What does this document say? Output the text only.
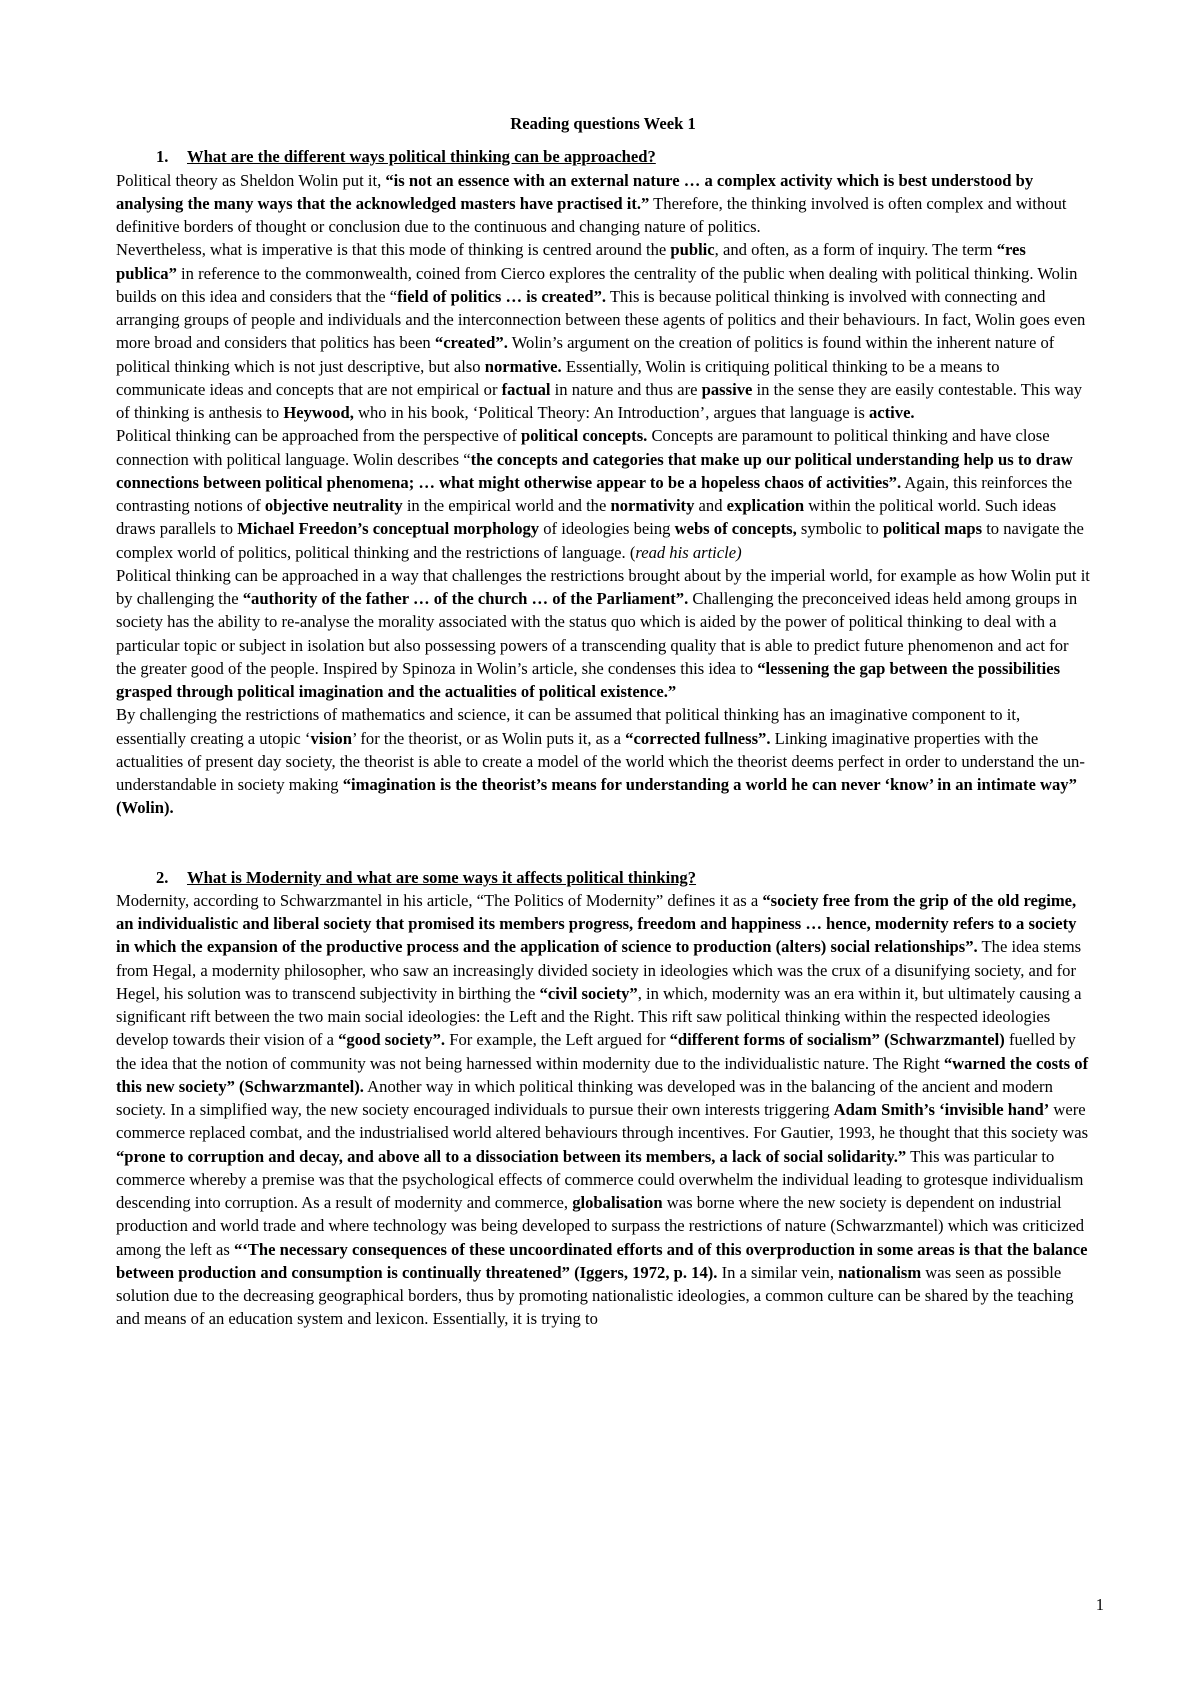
Reading questions Week 1

1. What are the different ways political thinking can be approached?

Political theory as Sheldon Wolin put it, “is not an essence with an external nature … a complex activity which is best understood by analysing the many ways that the acknowledged masters have practised it.” Therefore, the thinking involved is often complex and without definitive borders of thought or conclusion due to the continuous and changing nature of politics.

Nevertheless, what is imperative is that this mode of thinking is centred around the public, and often, as a form of inquiry. The term “res publica” in reference to the commonwealth, coined from Cierco explores the centrality of the public when dealing with political thinking. Wolin builds on this idea and considers that the “field of politics … is created”. This is because political thinking is involved with connecting and arranging groups of people and individuals and the interconnection between these agents of politics and their behaviours. In fact, Wolin goes even more broad and considers that politics has been “created”. Wolin’s argument on the creation of politics is found within the inherent nature of political thinking which is not just descriptive, but also normative. Essentially, Wolin is critiquing political thinking to be a means to communicate ideas and concepts that are not empirical or factual in nature and thus are passive in the sense they are easily contestable. This way of thinking is anthesis to Heywood, who in his book, ‘Political Theory: An Introduction’, argues that language is active.

Political thinking can be approached from the perspective of political concepts. Concepts are paramount to political thinking and have close connection with political language. Wolin describes “the concepts and categories that make up our political understanding help us to draw connections between political phenomena; … what might otherwise appear to be a hopeless chaos of activities”. Again, this reinforces the contrasting notions of objective neutrality in the empirical world and the normativity and explication within the political world. Such ideas draws parallels to Michael Freedon’s conceptual morphology of ideologies being webs of concepts, symbolic to political maps to navigate the complex world of politics, political thinking and the restrictions of language. (read his article)

Political thinking can be approached in a way that challenges the restrictions brought about by the imperial world, for example as how Wolin put it by challenging the “authority of the father … of the church … of the Parliament”. Challenging the preconceived ideas held among groups in society has the ability to re-analyse the morality associated with the status quo which is aided by the power of political thinking to deal with a particular topic or subject in isolation but also possessing powers of a transcending quality that is able to predict future phenomenon and act for the greater good of the people. Inspired by Spinoza in Wolin’s article, she condenses this idea to “lessening the gap between the possibilities grasped through political imagination and the actualities of political existence.”

By challenging the restrictions of mathematics and science, it can be assumed that political thinking has an imaginative component to it, essentially creating a utopic ‘vision’ for the theorist, or as Wolin puts it, as a “corrected fullness”. Linking imaginative properties with the actualities of present day society, the theorist is able to create a model of the world which the theorist deems perfect in order to understand the un-understandable in society making “imagination is the theorist’s means for understanding a world he can never ‘know’ in an intimate way” (Wolin).

2. What is Modernity and what are some ways it affects political thinking?

Modernity, according to Schwarzmantel in his article, “The Politics of Modernity” defines it as a “society free from the grip of the old regime, an individualistic and liberal society that promised its members progress, freedom and happiness … hence, modernity refers to a society in which the expansion of the productive process and the application of science to production (alters) social relationships”. The idea stems from Hegal, a modernity philosopher, who saw an increasingly divided society in ideologies which was the crux of a disunifying society, and for Hegel, his solution was to transcend subjectivity in birthing the “civil society”, in which, modernity was an era within it, but ultimately causing a significant rift between the two main social ideologies: the Left and the Right. This rift saw political thinking within the respected ideologies develop towards their vision of a “good society”. For example, the Left argued for “different forms of socialism” (Schwarzmantel) fuelled by the idea that the notion of community was not being harnessed within modernity due to the individualistic nature. The Right “warned the costs of this new society” (Schwarzmantel). Another way in which political thinking was developed was in the balancing of the ancient and modern society. In a simplified way, the new society encouraged individuals to pursue their own interests triggering Adam Smith’s ‘invisible hand’ were commerce replaced combat, and the industrialised world altered behaviours through incentives. For Gautier, 1993, he thought that this society was “prone to corruption and decay, and above all to a dissociation between its members, a lack of social solidarity.” This was particular to commerce whereby a premise was that the psychological effects of commerce could overwhelm the individual leading to grotesque individualism descending into corruption. As a result of modernity and commerce, globalisation was borne where the new society is dependent on industrial production and world trade and where technology was being developed to surpass the restrictions of nature (Schwarzmantel) which was criticized among the left as “‘The necessary consequences of these uncoordinated efforts and of this overproduction in some areas is that the balance between production and consumption is continually threatened” (Iggers, 1972, p. 14). In a similar vein, nationalism was seen as possible solution due to the decreasing geographical borders, thus by promoting nationalistic ideologies, a common culture can be shared by the teaching and means of an education system and lexicon. Essentially, it is trying to

1
